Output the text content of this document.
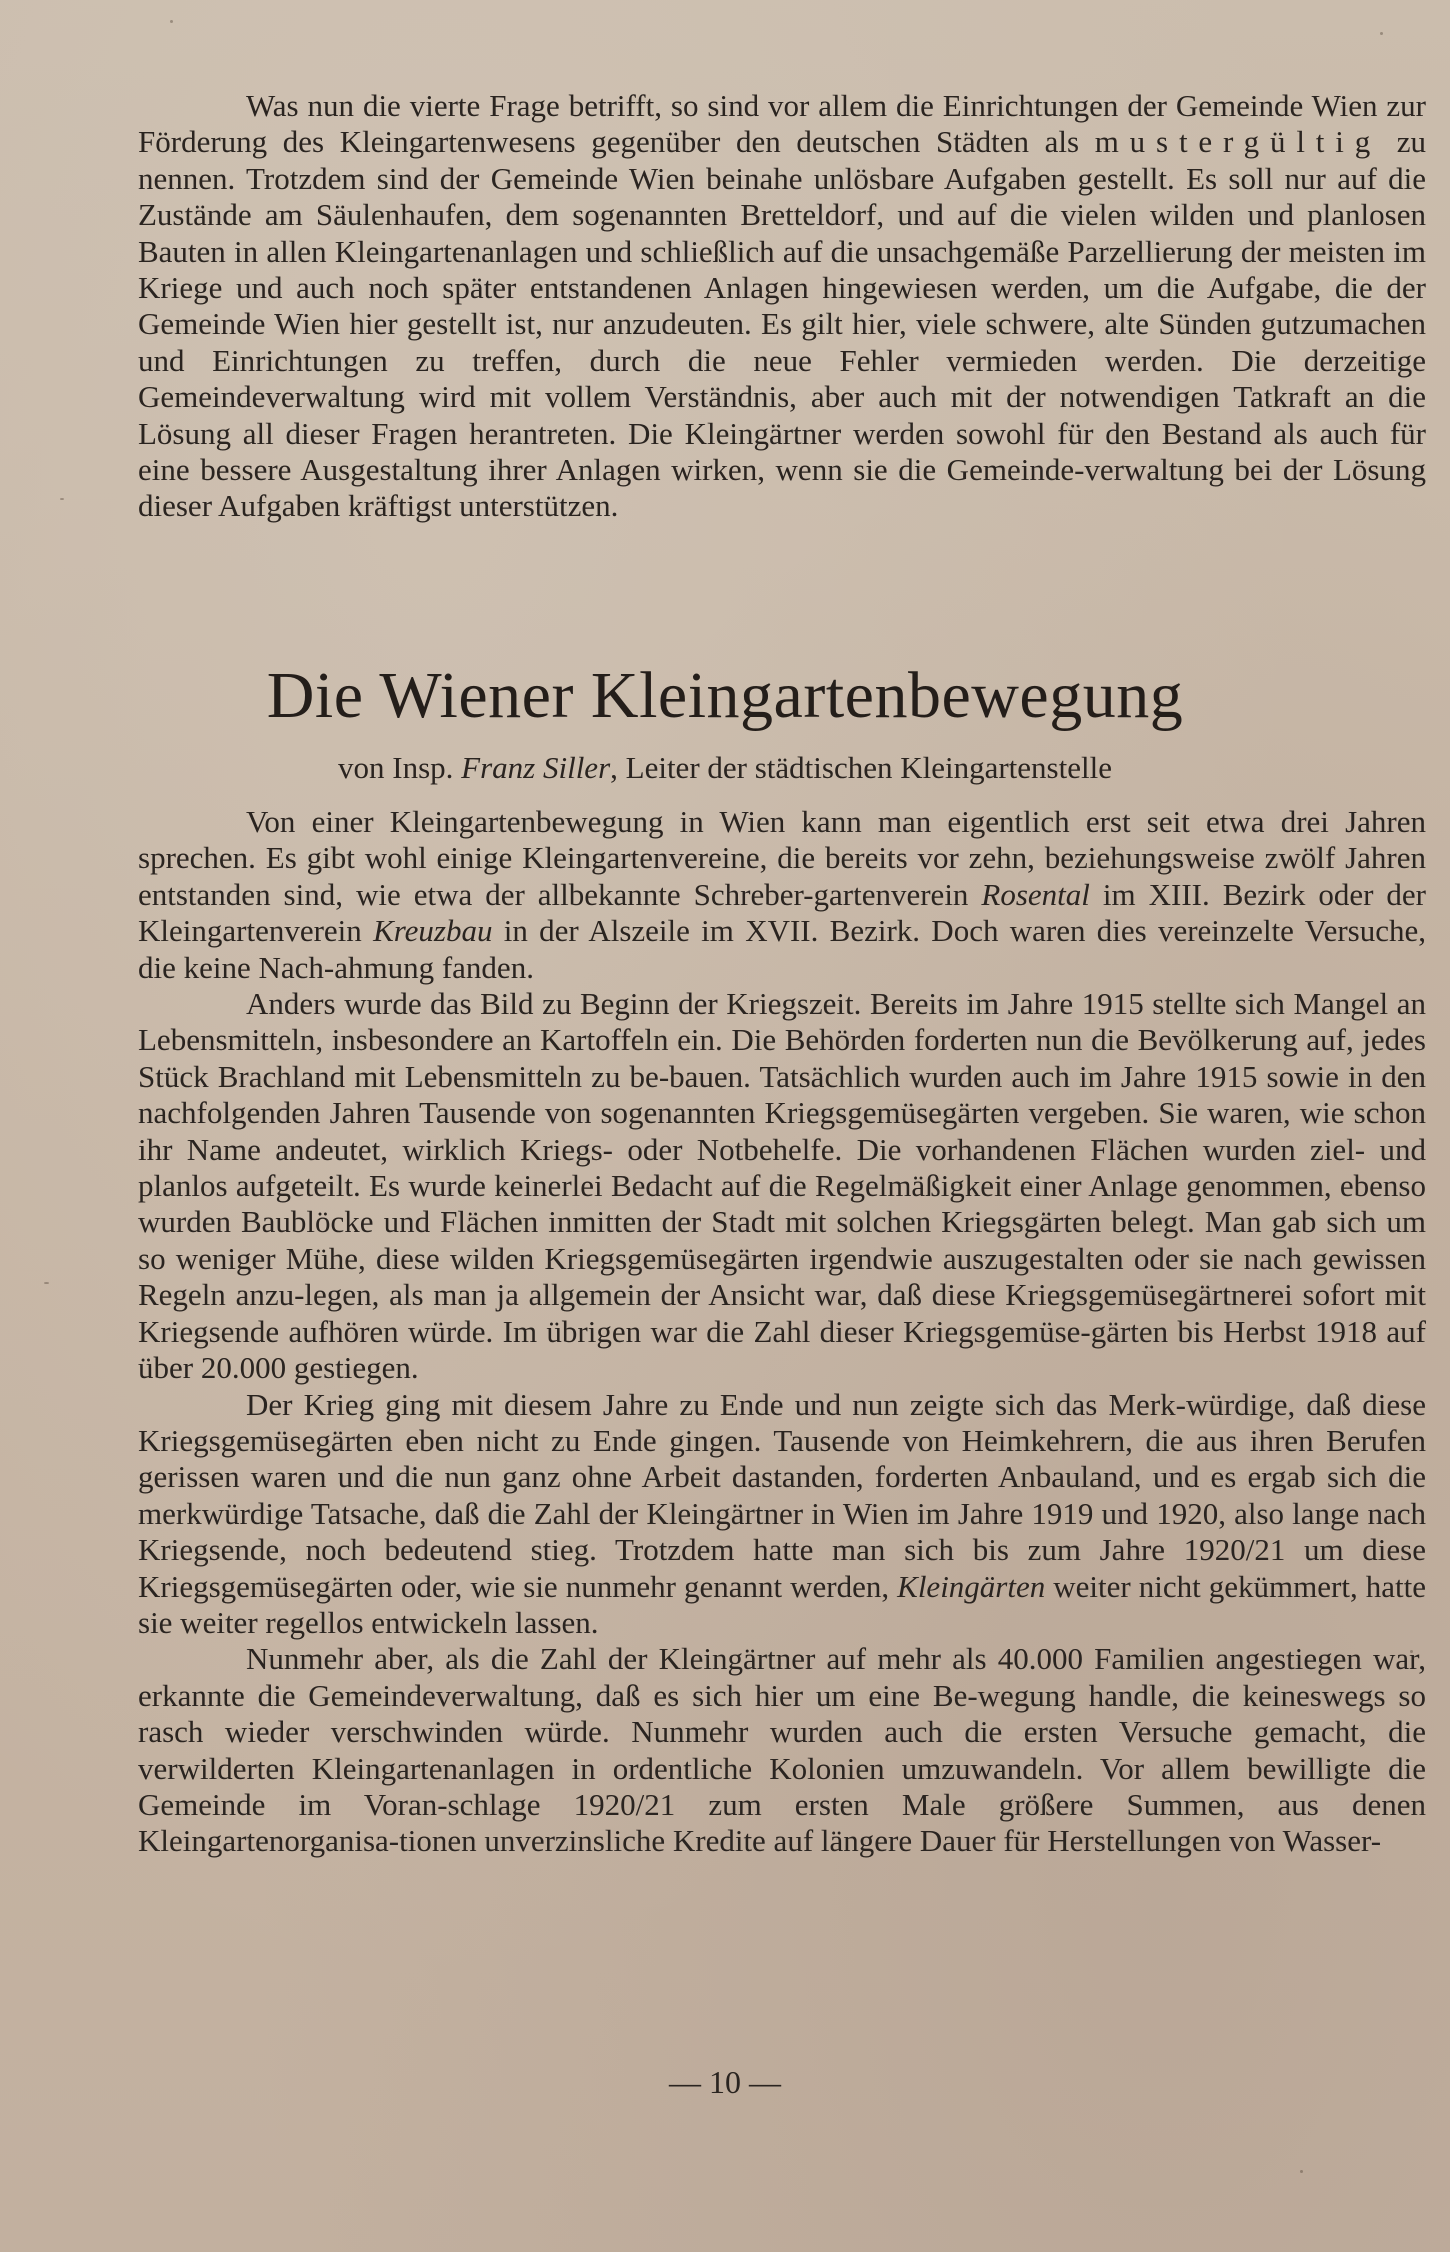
Was nun die vierte Frage betrifft, so sind vor allem die Einrichtungen der Gemeinde Wien zur Förderung des Kleingartenwesens gegenüber den deutschen Städten als mustergültig zu nennen. Trotzdem sind der Gemeinde Wien beinahe unlösbare Aufgaben gestellt. Es soll nur auf die Zustände am Säulenhaufen, dem sogenannten Bretteldorf, und auf die vielen wilden und planlosen Bauten in allen Kleingartenanlagen und schließlich auf die unsachgemäße Parzellierung der meisten im Kriege und auch noch später entstandenen Anlagen hingewiesen werden, um die Aufgabe, die der Gemeinde Wien hier gestellt ist, nur anzudeuten. Es gilt hier, viele schwere, alte Sünden gutzumachen und Einrichtungen zu treffen, durch die neue Fehler vermieden werden. Die derzeitige Gemeindeverwaltung wird mit vollem Verständnis, aber auch mit der notwendigen Tatkraft an die Lösung all dieser Fragen herantreten. Die Kleingärtner werden sowohl für den Bestand als auch für eine bessere Ausgestaltung ihrer Anlagen wirken, wenn sie die Gemeinde-verwaltung bei der Lösung dieser Aufgaben kräftigst unterstützen.

Die Wiener Kleingartenbewegung
von Insp. Franz Siller, Leiter der städtischen Kleingartenstelle

Von einer Kleingartenbewegung in Wien kann man eigentlich erst seit etwa drei Jahren sprechen. Es gibt wohl einige Kleingartenvereine, die bereits vor zehn, beziehungsweise zwölf Jahren entstanden sind, wie etwa der allbekannte Schreber-gartenverein Rosental im XIII. Bezirk oder der Kleingartenverein Kreuzbau in der Alszeile im XVII. Bezirk. Doch waren dies vereinzelte Versuche, die keine Nach-ahmung fanden.

Anders wurde das Bild zu Beginn der Kriegszeit. Bereits im Jahre 1915 stellte sich Mangel an Lebensmitteln, insbesondere an Kartoffeln ein. Die Behörden forderten nun die Bevölkerung auf, jedes Stück Brachland mit Lebensmitteln zu be-bauen. Tatsächlich wurden auch im Jahre 1915 sowie in den nachfolgenden Jahren Tausende von sogenannten Kriegsgemüsegärten vergeben. Sie waren, wie schon ihr Name andeutet, wirklich Kriegs- oder Notbehelfe. Die vorhandenen Flächen wurden ziel- und planlos aufgeteilt. Es wurde keinerlei Bedacht auf die Regelmäßigkeit einer Anlage genommen, ebenso wurden Baublöcke und Flächen inmitten der Stadt mit solchen Kriegsgärten belegt. Man gab sich um so weniger Mühe, diese wilden Kriegsgemüsegärten irgendwie auszugestalten oder sie nach gewissen Regeln anzu-legen, als man ja allgemein der Ansicht war, daß diese Kriegsgemüsegärtnerei sofort mit Kriegsende aufhören würde. Im übrigen war die Zahl dieser Kriegsgemüse-gärten bis Herbst 1918 auf über 20.000 gestiegen.

Der Krieg ging mit diesem Jahre zu Ende und nun zeigte sich das Merk-würdige, daß diese Kriegsgemüsegärten eben nicht zu Ende gingen. Tausende von Heimkehrern, die aus ihren Berufen gerissen waren und die nun ganz ohne Arbeit dastanden, forderten Anbauland, und es ergab sich die merkwürdige Tatsache, daß die Zahl der Kleingärtner in Wien im Jahre 1919 und 1920, also lange nach Kriegsende, noch bedeutend stieg. Trotzdem hatte man sich bis zum Jahre 1920/21 um diese Kriegsgemüsegärten oder, wie sie nunmehr genannt werden, Kleingärten weiter nicht gekümmert, hatte sie weiter regellos entwickeln lassen.

Nunmehr aber, als die Zahl der Kleingärtner auf mehr als 40.000 Familien angestiegen war, erkannte die Gemeindeverwaltung, daß es sich hier um eine Be-wegung handle, die keineswegs so rasch wieder verschwinden würde. Nunmehr wurden auch die ersten Versuche gemacht, die verwilderten Kleingartenanlagen in ordentliche Kolonien umzuwandeln. Vor allem bewilligte die Gemeinde im Voran-schlage 1920/21 zum ersten Male größere Summen, aus denen Kleingartenorganisa-tionen unverzinsliche Kredite auf längere Dauer für Herstellungen von Wasser-

— 10 —
